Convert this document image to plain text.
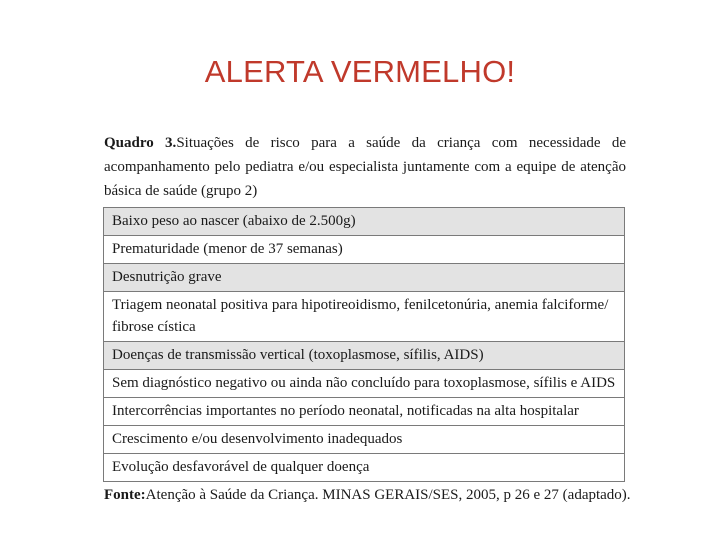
ALERTA VERMELHO!

Quadro 3.Situações de risco para a saúde da criança com necessidade de acompanhamento pelo pediatra e/ou especialista juntamente com a equipe de atenção básica de saúde (grupo 2)

Baixo peso ao nascer (abaixo de 2.500g)
Prematuridade (menor de 37 semanas)
Desnutrição grave
Triagem neonatal positiva para hipotireoidismo, fenilcetonúria, anemia falciforme/ fibrose cística
Doenças de transmissão vertical (toxoplasmose, sífilis, AIDS)
Sem diagnóstico negativo ou ainda não concluído para toxoplasmose, sífilis e AIDS
Intercorrências importantes no período neonatal, notificadas na alta hospitalar
Crescimento e/ou desenvolvimento inadequados
Evolução desfavorável de qualquer doença

Fonte:Atenção à Saúde da Criança. MINAS GERAIS/SES, 2005, p 26 e 27 (adaptado).
